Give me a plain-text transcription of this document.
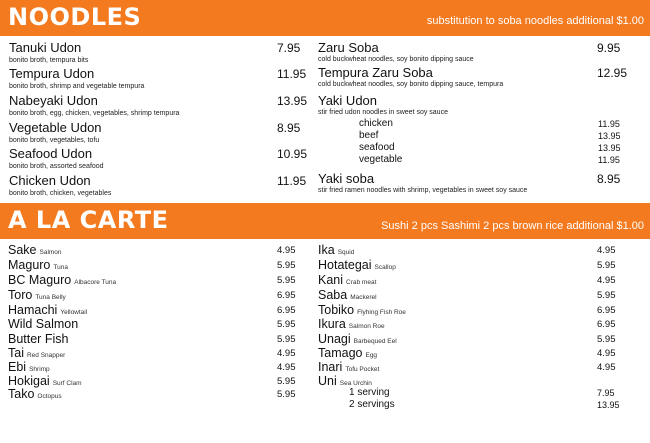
NOODLES	substitution to soba noodles additional $1.00
Tanuki Udon	7.95
bonito broth, tempura bits
Tempura Udon	11.95
bonito broth, shrimp and vegetable tempura
Nabeyaki Udon	13.95
bonito broth, egg, chicken, vegetables, shrimp tempura
Vegetable Udon	8.95
bonito broth, vegetables, tofu
Seafood Udon	10.95
bonito broth, assorted seafood
Chicken Udon	11.95
bonito broth, chicken, vegetables
Zaru Soba	9.95
cold buckwheat noodles, soy bonito dipping sauce
Tempura Zaru Soba	12.95
cold buckwheat noodles, soy bonito dipping sauce, tempura
Yaki Udon
stir fried udon noodles in sweet soy sauce
chicken	11.95
beef	13.95
seafood	13.95
vegetable	11.95
Yaki soba	8.95
stir fried ramen noodles with shrimp, vegetables in sweet soy sauce
A LA CARTE
zomato
Sushi 2 pcs Sashimi 2 pcs brown rice additional $1.00
Sake Salmon	4.95
Maguro Tuna	5.95
BC Maguro Albacore Tuna	5.95
Toro Tuna Belly	6.95
Hamachi Yellowtail	6.95
Wild Salmon	5.95
Butter Fish	5.95
Tai Red Snapper	4.95
Ebi Shrimp	4.95
Hokigai Surf Clam	5.95
Tako Octopus	5.95
Ika Squid	4.95
Hotategai Scallop	5.95
Kani Crab meat	4.95
Saba Mackerel	5.95
Tobiko Flyhing Fish Roe	6.95
Ikura Salmon Roe	6.95
Unagi Barbequed Eel	5.95
Tamago Egg	4.95
Inari Tofu Pocket	4.95
Uni Sea Urchin
1 serving	7.95
2 servings	13.95
